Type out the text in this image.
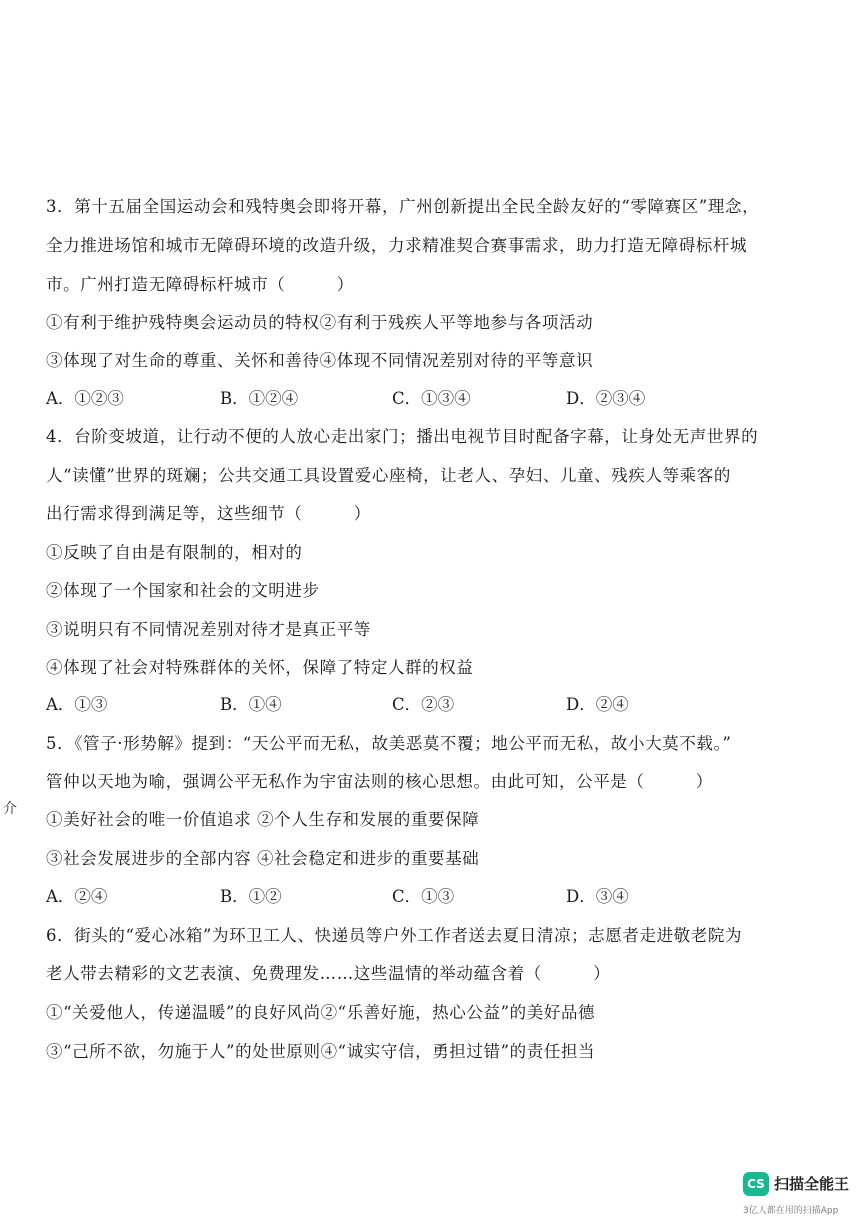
3．第十五届全国运动会和残特奥会即将开幕，广州创新提出全民全龄友好的“零障赛区”理念，
全力推进场馆和城市无障碍环境的改造升级，力求精准契合赛事需求，助力打造无障碍标杆城
市。广州打造无障碍标杆城市（　　　）
①有利于维护残特奥会运动员的特权②有利于残疾人平等地参与各项活动
③体现了对生命的尊重、关怀和善待④体现不同情况差别对待的平等意识
A．①②③	B．①②④	C．①③④	D．②③④
4．台阶变坡道，让行动不便的人放心走出家门；播出电视节目时配备字幕，让身处无声世界的
人“读懂”世界的斑斓；公共交通工具设置爱心座椅，让老人、孕妇、儿童、残疾人等乘客的
出行需求得到满足等，这些细节（　　　）
①反映了自由是有限制的，相对的
②体现了一个国家和社会的文明进步
③说明只有不同情况差别对待才是真正平等
④体现了社会对特殊群体的关怀，保障了特定人群的权益
A．①③	B．①④	C．②③	D．②④
5．《管子·形势解》提到：“天公平而无私，故美恶莫不覆；地公平而无私，故小大莫不载。”
管仲以天地为喻，强调公平无私作为宇宙法则的核心思想。由此可知，公平是（　　　）
①美好社会的唯一价值追求 ②个人生存和发展的重要保障
③社会发展进步的全部内容 ④社会稳定和进步的重要基础
A．②④	B．①②	C．①③	D．③④
6．街头的“爱心冰箱”为环卫工人、快递员等户外工作者送去夏日清凉；志愿者走进敬老院为
老人带去精彩的文艺表演、免费理发……这些温情的举动蕴含着（　　　）
①“关爱他人，传递温暖”的良好风尚②“乐善好施，热心公益”的美好品德
③“己所不欲，勿施于人”的处世原则④“诚实守信，勇担过错”的责任担当
介
CS 扫描全能王
3亿人都在用的扫描App
